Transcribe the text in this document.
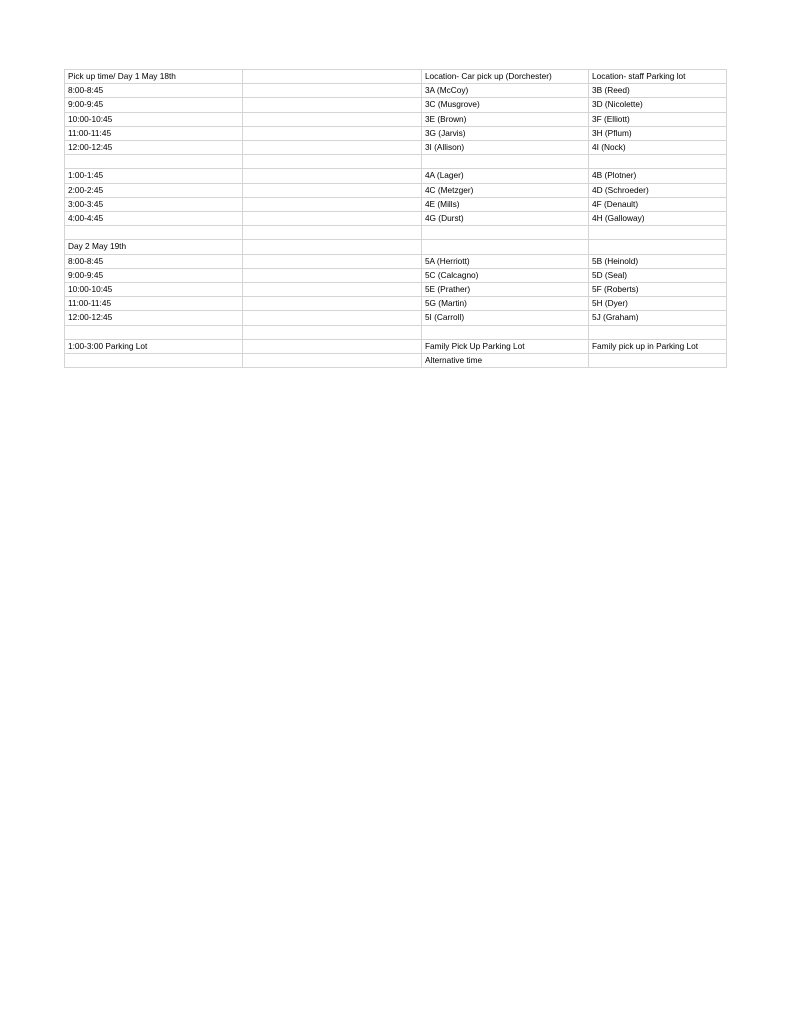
Pick up time/ Day 1 May 18th		Location- Car pick up (Dorchester)	Location- staff Parking lot
8:00-8:45		3A (McCoy)	3B (Reed)
9:00-9:45		3C (Musgrove)	3D (Nicolette)
10:00-10:45		3E (Brown)	3F (Elliott)
11:00-11:45		3G (Jarvis)	3H (Pflum)
12:00-12:45		3I (Allison)	4I (Nock)

1:00-1:45		4A (Lager)	4B (Plotner)
2:00-2:45		4C (Metzger)	4D (Schroeder)
3:00-3:45		4E (Mills)	4F (Denault)
4:00-4:45		4G (Durst)	4H (Galloway)

Day 2 May 19th			
8:00-8:45		5A (Herriott)	5B (Heinold)
9:00-9:45		5C (Calcagno)	5D (Seal)
10:00-10:45		5E (Prather)	5F (Roberts)
11:00-11:45		5G (Martin)	5H (Dyer)
12:00-12:45		5I (Carroll)	5J (Graham)

1:00-3:00 Parking Lot		Family Pick Up Parking Lot	Family pick up in Parking Lot
		Alternative time	
